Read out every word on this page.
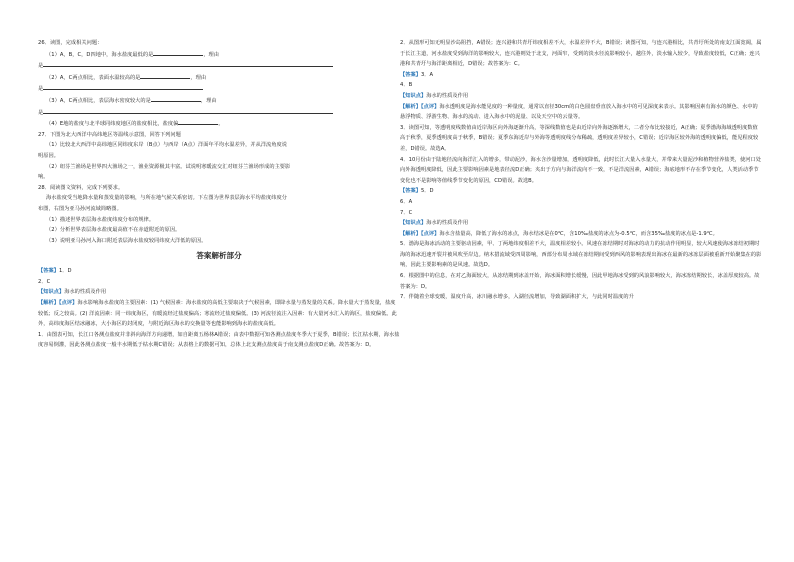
26．读图，完成相关问题：
（1）A，B，C，D四地中，海水盐度最低的是	，理由
是
（2）A，C两点相比，表面水温较高的是	，理由
是
（3）A，C两点相比，表层海水密度较大的是	，理由
是
（4）E地的盐度与北半球同纬度地区的盐度相比，盐度偏	。
27．下图为北大西洋中高纬地区等温线示意图，回答下列问题
（1）比较北大西洋中高纬地区同纬度东岸（B点）与西岸（A点）洋面年平均水温差异，并从洋流角度说
明原因。
（2）纽芬兰渔场是世界四大渔场之一，渔业资源极其丰富。试说明寒暖流交汇对纽芬兰渔场形成的主要影
响。
28．阅读图文资料，完成下列要求。
海水盐度受当地降水量和蒸发量的影响，与所在地气候关系密切。下左图为世界表层海水平均盐度纬度分
布图，右图为亚马孙河流域简略图。
（1）描述世界表层海水盐度纬度分布的规律。
（2）分析世界表层海水盐度最高值不在赤道附近的原因。
（3）说明亚马孙河入海口附近表层海水盐度较同纬度大洋低的原因。
答案解析部分
【答案】1．D
2．C
【知识点】海水的性质及作用
【解析】【点评】海水影响海水盐度的主要因素：(1) 气候因素：海水盐度的高低主要取决于气候因素，即降水量与蒸发量的关系。降水量大于蒸发量，盐度较低；反之较高。(2) 洋流因素：同一纬度海区，有暖流经过盐度偏高；寒流经过盐度偏低。(3) 河流径流注入因素：有大量河水汇入的海区，盐度偏低。此外，高纬度海区结冰融冰，大小海区的封闭度，与附近海区海水的交换量等也能影响到海水的盐度高低。
1．由图表可知，长江口各测点盐度并非斜向海洋方向递增，如自距离五杨林A错误；由表中数据可知各测点盐度冬季大于夏季，B错误；长江枯水期，海水盐度容易倒灌，因此各测点盐度一般丰水期低于枯水期C错误；从表格上的数据可知，总体上北支测点盐度高于南支测点盐度D正确。故答案为：D。
2．从图形可知无明显沙岛阻挡，A错误；连兴港和共青圩纬度相差不大，水温差异不大，B错误；读图可知，与连兴港相比，共青圩所处的南支江面宽阔，属于长江主道，河水盐度受到海洋的影响较大，连兴港则处于北支，河面窄，受到的淡水径流影响较小，越往外，淡水输入较少，导致盐度较低，C正确；连兴港和共青圩与海洋距离相近，D错误；故答案为：C。
【答案】3．A
4．B
【知识点】海水的性质及作用
【解析】【点评】海水透明度是海水能见度的一种量度，通常以直径30cm的白色圆盘垂直放入海水中的可见深度来表示。其影响因素有海水的颜色、水中的悬浮物质、浮游生物、海水的流动、进入海水中的泥量、以及天空中的云量等。
3．读图可知，等透明度线数值由近岸海区向外海逐渐升高，等深线数值也是由近岸向外海逐渐增大，二者分布比较接近，A正确；夏季渤海海域透明度数值高于秋季，夏季透明度高于秋季，B错误；夏季东海近岸与外海等透明度线分布稀疏，透明度差异较小，C错误；近岸海区较外海的透明度偏低，能见程度较差，D错误。故选A。
4．10月份由于陆地径流向海洋汇入的增多，带动泥沙，海水含沙量增加，透明度降低，此时长江大量入水量大，并带来大量泥沙和植物营养盐类，使河口处向外海透明度降低，因此主要影响因素是地表径流D正确；夹出于方向与海洋流向不一致，不是洋流因素，A错误；海底地形不存在季节变化，人类活动季节变化也不是影响等值线季节变化的原因，CD错误。故选B。
【答案】5．D
6．A
7．C
【知识点】海水的性质及作用
【解析】【点评】海水含盐量高，降低了海水的冰点，海水结冰是在0℃，含10‰盐度的冰点为-0.5℃，而含35‰盐度的冰点是-1.9℃。
5．渤海是海冰活动的主要驱动因素，甲、丁两地纬度相差不大，温度相差较小。风速在冻结期时对海冰的动力的抗动作用明显，较大风速使海冰冻结初期时海的海冰迅速开裂并被风吹至岸边。纳木措流域受四周影响，西部分布周水域在冻结期间受到西风的影响表现出海冰在最新的冰冻层面被重新开始聚集在的影响，因此主要影响素的是风速。故选D。
6．根据图中的信息，在对乙海面较大，从冻结期到冰盖开始，海冰面积增长缓慢，因此甲地海冰受到的风浪影响较大，海冰冻结期较长，冰盖厚度较高。故答案为：D。
7．伴随着全球变暖，温度升高，冰川融水增多，入湖径流增加，导致湖面积扩大，与此同时温度的升
